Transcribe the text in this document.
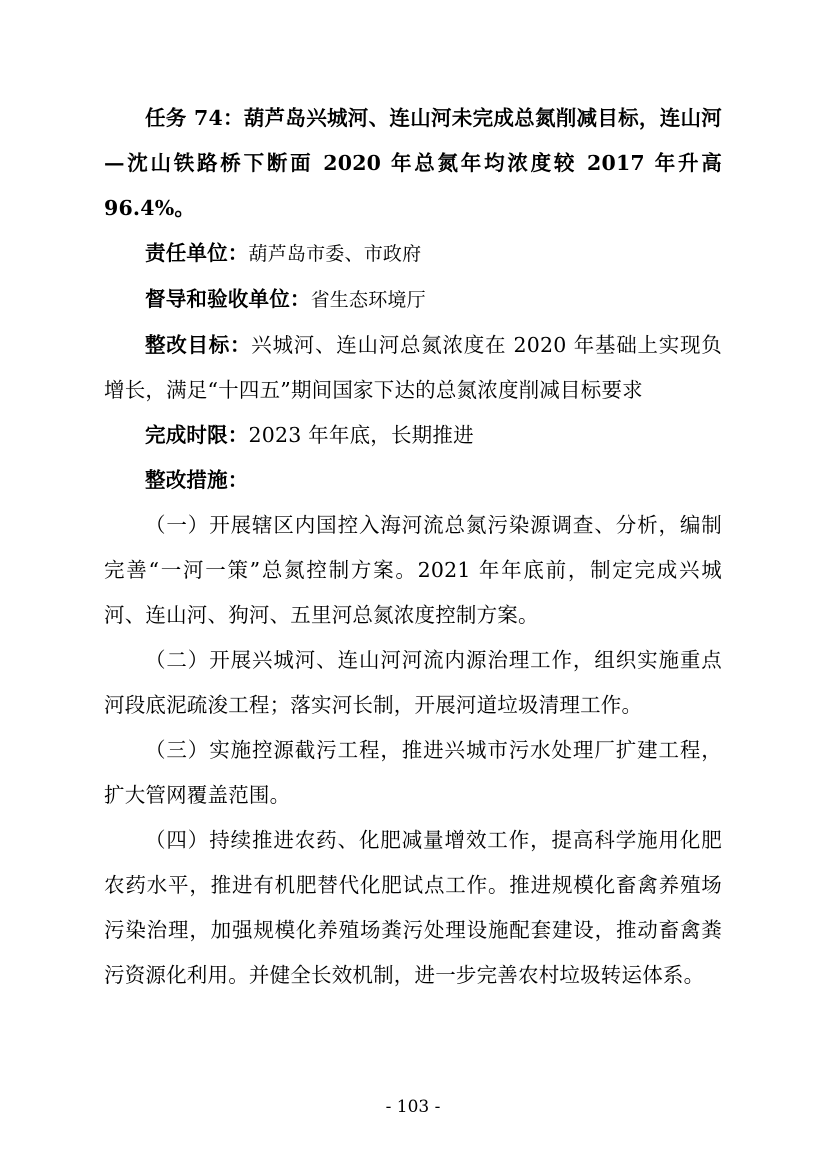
任务 74：葫芦岛兴城河、连山河未完成总氮削减目标，连山河—沈山铁路桥下断面 2020 年总氮年均浓度较 2017 年升高 96.4%。

责任单位：葫芦岛市委、市政府

督导和验收单位：省生态环境厅

整改目标：兴城河、连山河总氮浓度在 2020 年基础上实现负增长，满足“十四五”期间国家下达的总氮浓度削减目标要求

完成时限：2023 年年底，长期推进

整改措施：

（一）开展辖区内国控入海河流总氮污染源调查、分析，编制完善“一河一策”总氮控制方案。2021 年年底前，制定完成兴城河、连山河、狗河、五里河总氮浓度控制方案。

（二）开展兴城河、连山河河流内源治理工作，组织实施重点河段底泥疏浚工程；落实河长制，开展河道垃圾清理工作。

（三）实施控源截污工程，推进兴城市污水处理厂扩建工程，扩大管网覆盖范围。

（四）持续推进农药、化肥减量增效工作，提高科学施用化肥农药水平，推进有机肥替代化肥试点工作。推进规模化畜禽养殖场污染治理，加强规模化养殖场粪污处理设施配套建设，推动畜禽粪污资源化利用。并健全长效机制，进一步完善农村垃圾转运体系。

- 103 -
